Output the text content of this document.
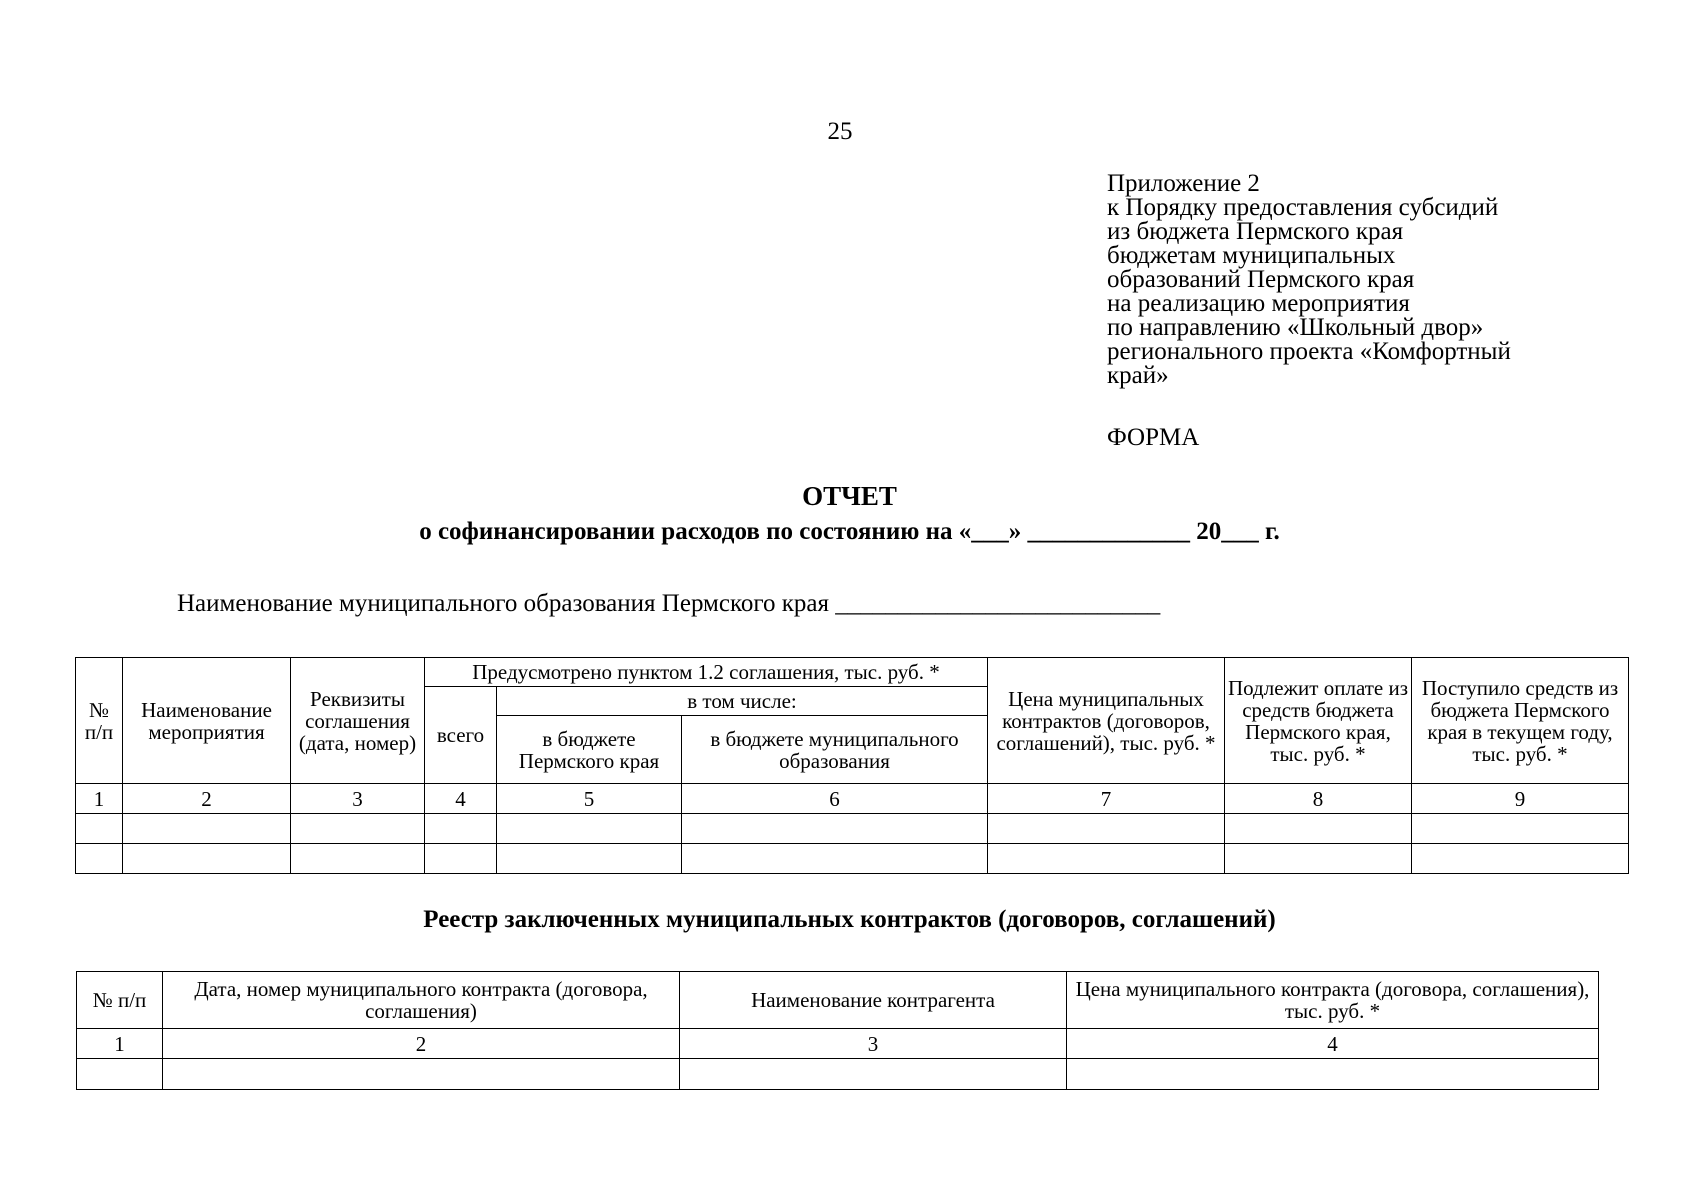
25
Приложение 2
к Порядку предоставления субсидий
из бюджета Пермского края
бюджетам муниципальных
образований Пермского края
на реализацию мероприятия
по направлению «Школьный двор»
регионального проекта «Комфортный
край»
ФОРМА
ОТЧЕТ
о софинансировании расходов по состоянию на «___» _____________ 20___ г.
Наименование муниципального образования Пермского края __________________________
№ п/п	Наименование мероприятия	Реквизиты соглашения (дата, номер)	Предусмотрено пунктом 1.2 соглашения, тыс. руб. *			Цена муниципальных контрактов (договоров, соглашений), тыс. руб. *	Подлежит оплате из средств бюджета Пермского края, тыс. руб. *	Поступило средств из бюджета Пермского края в текущем году, тыс. руб. *
			всего	в том числе:				
				в бюджете Пермского края	в бюджете муниципального образования			
1	2	3	4	5	6	7	8	9

Реестр заключенных муниципальных контрактов (договоров, соглашений)
№ п/п	Дата, номер муниципального контракта (договора, соглашения)	Наименование контрагента	Цена муниципального контракта (договора, соглашения), тыс. руб. *
1	2	3	4
